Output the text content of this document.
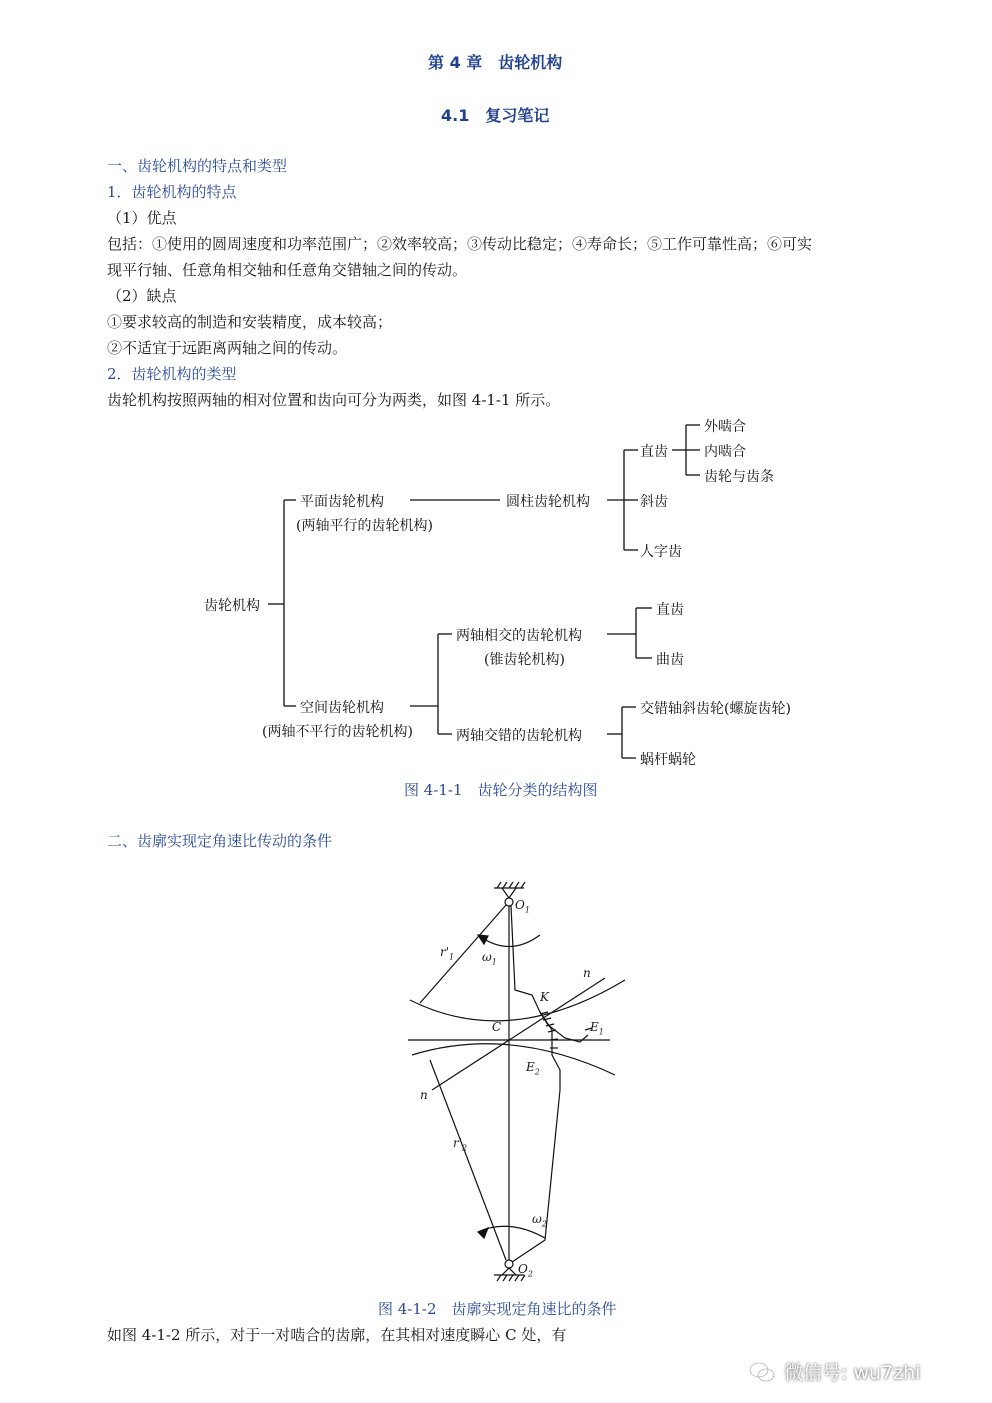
第 4 章　齿轮机构
4.1　复习笔记
一、齿轮机构的特点和类型
1．齿轮机构的特点
（1）优点
包括：①使用的圆周速度和功率范围广；②效率较高；③传动比稳定；④寿命长；⑤工作可靠性高；⑥可实
现平行轴、任意角相交轴和任意角交错轴之间的传动。
（2）缺点
①要求较高的制造和安装精度，成本较高；
②不适宜于远距离两轴之间的传动。
2．齿轮机构的类型
齿轮机构按照两轴的相对位置和齿向可分为两类，如图 4-1-1 所示。
齿轮机构
平面齿轮机构
(两轴平行的齿轮机构)
圆柱齿轮机构
直齿
外啮合
内啮合
齿轮与齿条
斜齿
人字齿
空间齿轮机构
(两轴不平行的齿轮机构)
两轴相交的齿轮机构
(锥齿轮机构)
直齿
曲齿
两轴交错的齿轮机构
交错轴斜齿轮(螺旋齿轮)
蜗杆蜗轮
图 4-1-1　齿轮分类的结构图
二、齿廓实现定角速比传动的条件
$O_1$
$r'_1$ $\omega_1$
n
K
C	$E_1$
$E_2$
n
$r'_2$
$\omega_2$
$O_2$
图 4-1-2　齿廓实现定角速比的条件
如图 4-1-2 所示，对于一对啮合的齿廓，在其相对速度瞬心 C 处，有
微信号: wu7zhi
